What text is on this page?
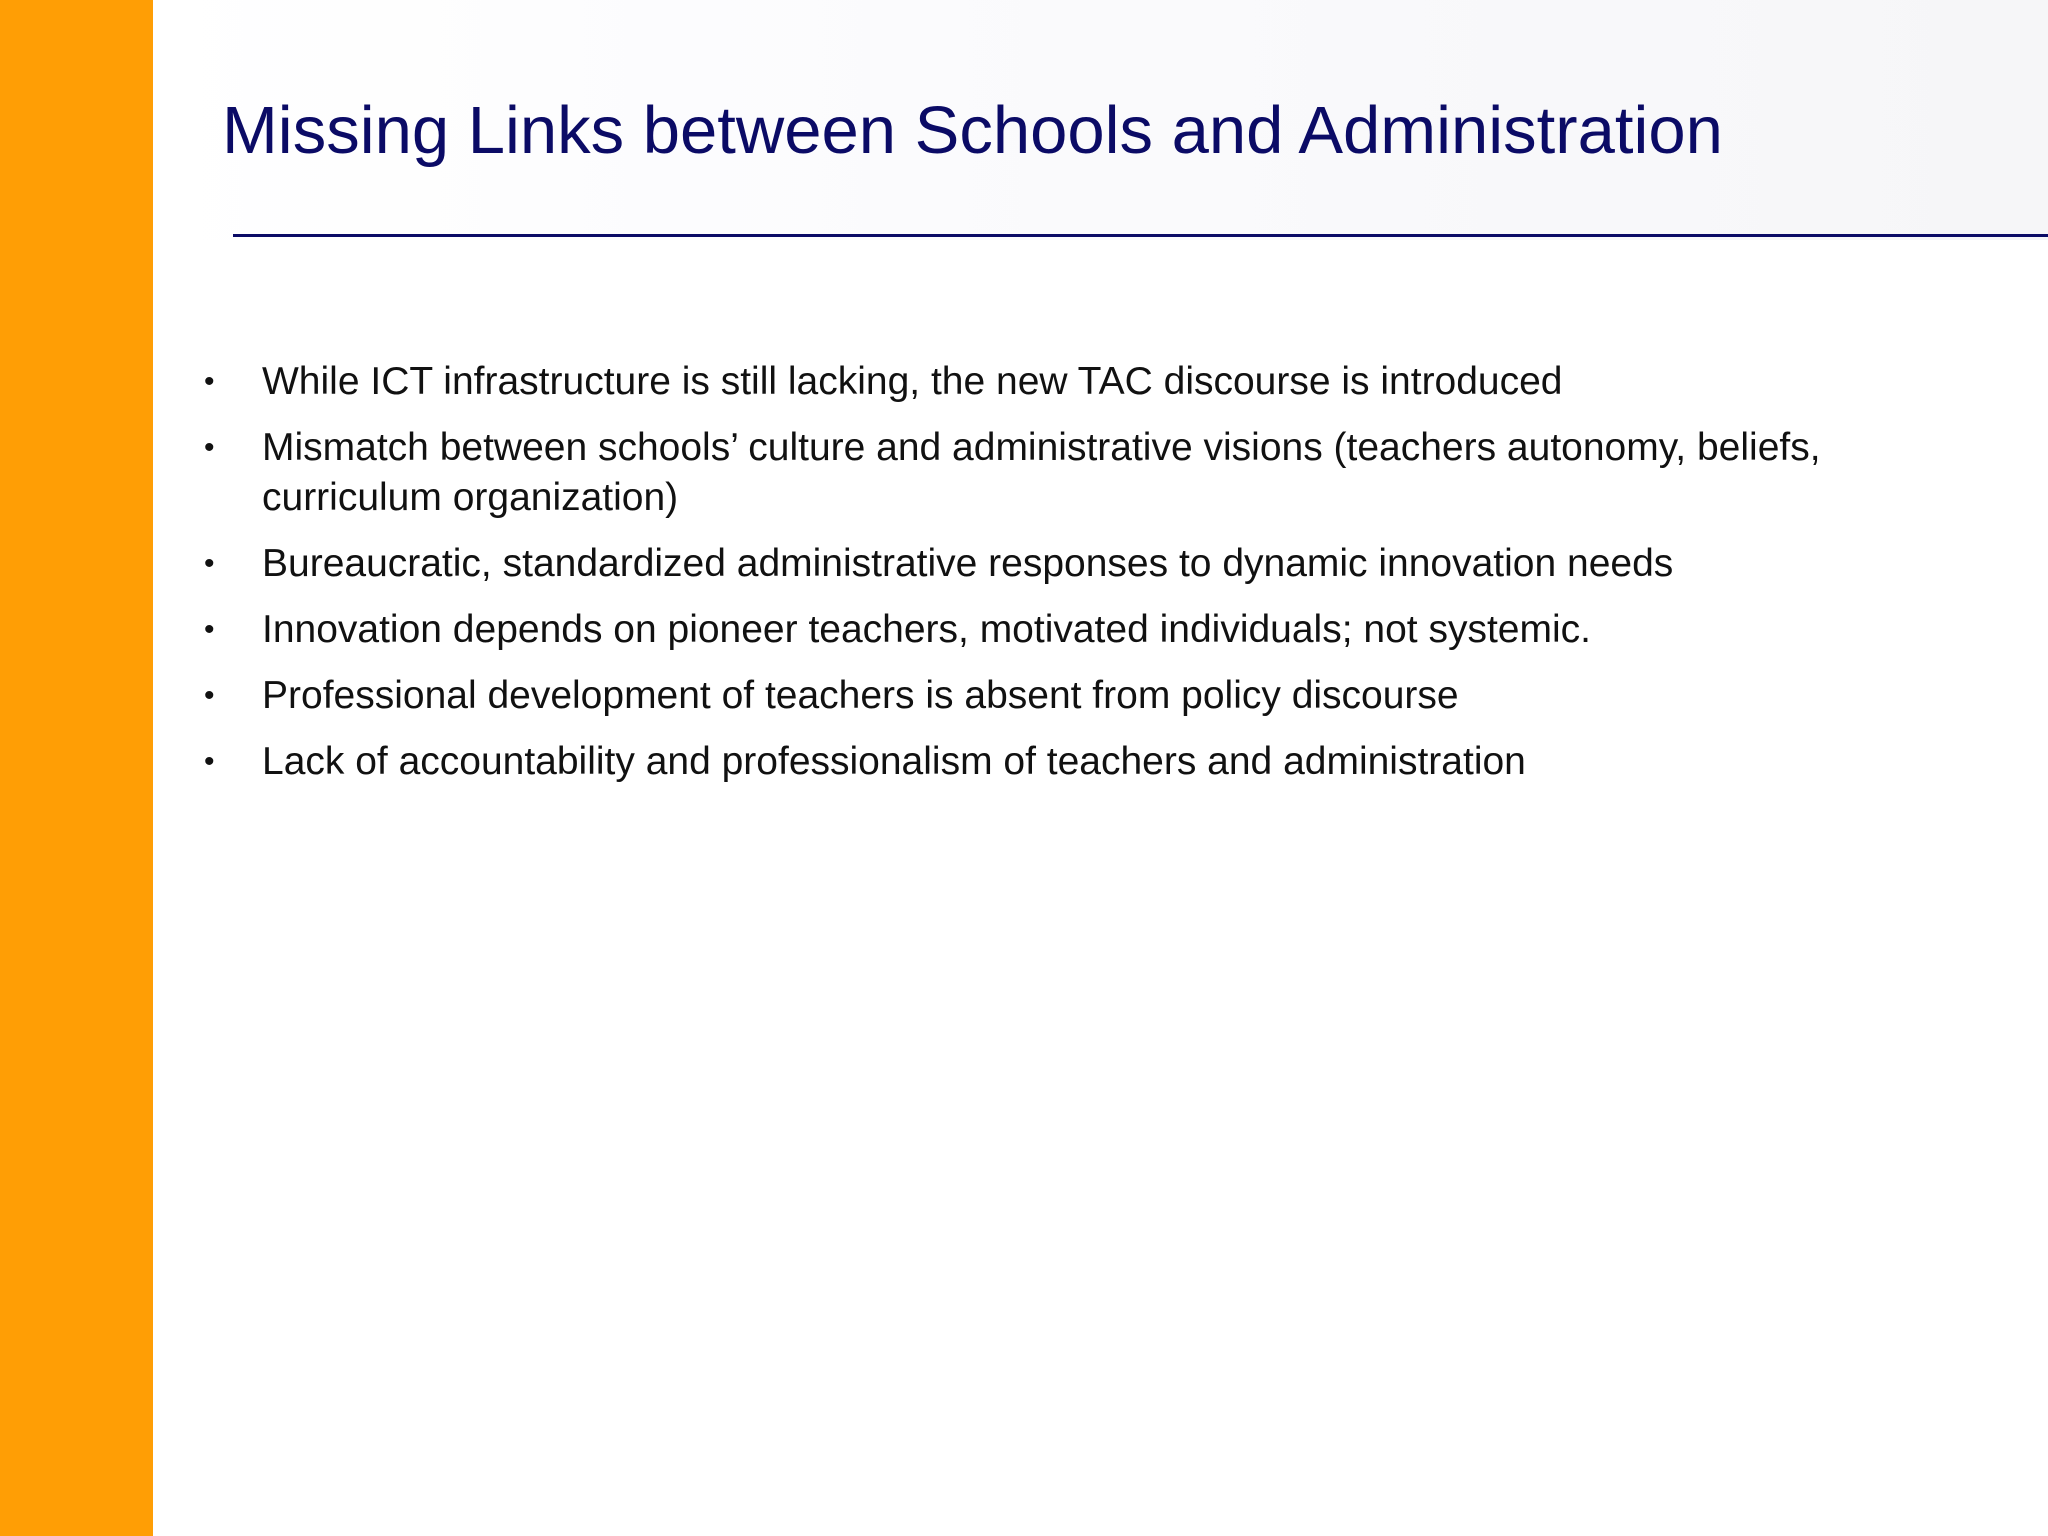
Missing Links between Schools and Administration
• While ICT infrastructure is still lacking, the new TAC discourse is introduced
• Mismatch between schools’ culture and administrative visions (teachers autonomy, beliefs, curriculum organization)
• Bureaucratic, standardized administrative responses to dynamic innovation needs
• Innovation depends on pioneer teachers, motivated individuals; not systemic.
• Professional development of teachers is absent from policy discourse
• Lack of accountability and professionalism of teachers and administration
